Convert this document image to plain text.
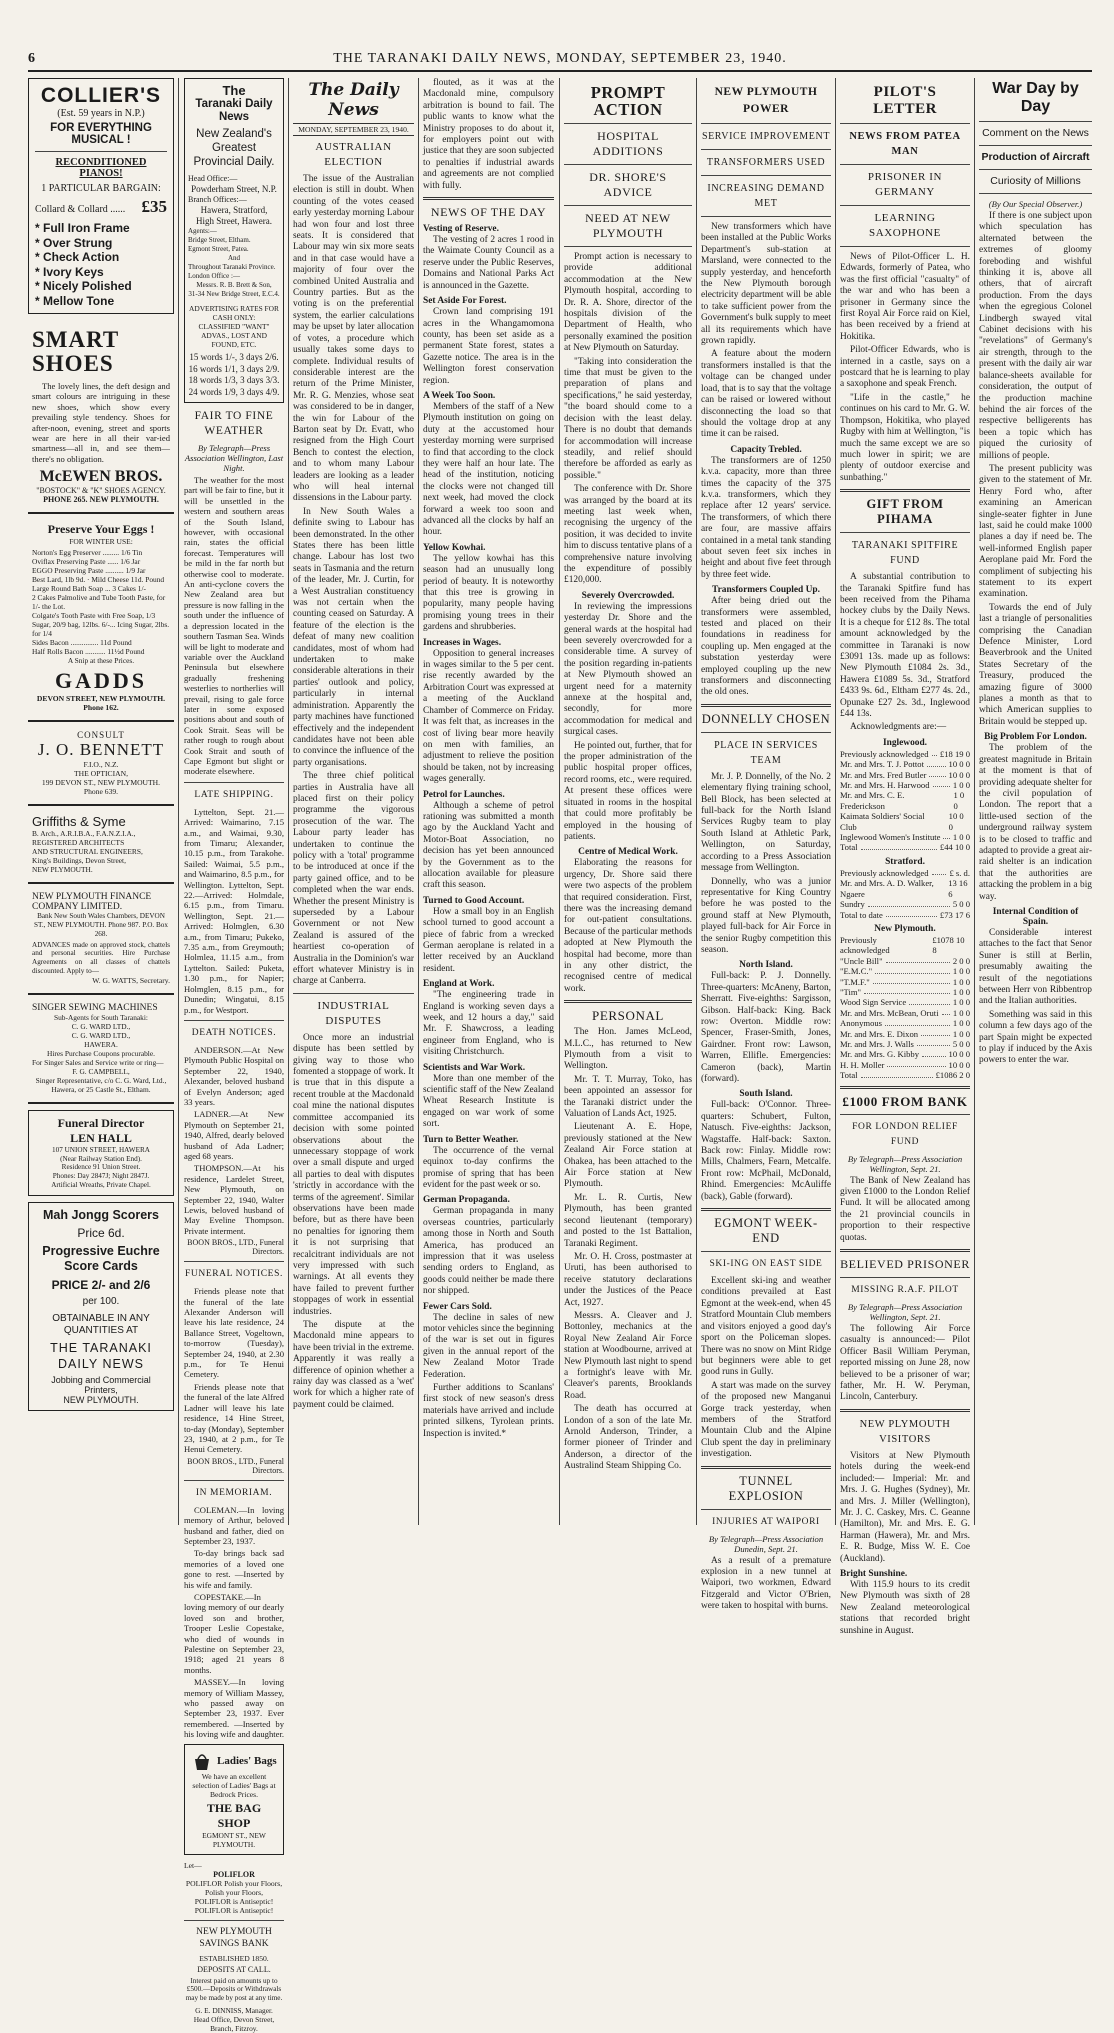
6	THE TARANAKI DAILY NEWS, MONDAY, SEPTEMBER 23, 1940.
COLLIER'S
(Est. 59 years in N.P.)
FOR EVERYTHING
MUSICAL !
RECONDITIONED PIANOS!
1 PARTICULAR BARGAIN:
Collard & Collard ...... £35
* Full Iron Frame
* Over Strung
* Check Action
* Ivory Keys
* Nicely Polished
* Mellow Tone
SMART SHOES

The lovely lines, the deft design and smart colours are intriguing in these new shoes, which show every prevailing style tendency. Shoes for after-noon, evening, street and sports wear are here in all their var-ied smartness—all in, and see them—there's no obligation.

McEWEN BROS.
"BOSTOCK" & "K" SHOES AGENCY.
PHONE 265. NEW PLYMOUTH.
Preserve Your Eggs !
FOR WINTER USE:
Norton's Egg Preserver ......... 1/6 Tin
Oviflax Preserving Paste ...... 1/6 Jar
EGGO Preserving Paste .......... 1/9 Jar
Best Lard, 1lb 9d. · Mild Cheese 11d. Pound
Large Round Bath Soap ... 3 Cakes 1/-
2 Cakes Palmolive and Tube Tooth Paste, for 1/- the Lot.
Colgate's Tooth Paste with Free Soap, 1/3
Sugar, 20/9 bag, 12lbs. 6/-... Icing Sugar, 2lbs. for 1/4
Sides Bacon ............... 11d Pound
Half Rolls Bacon ........... 11½d Pound
A Snip at these Prices.
GADDS
DEVON STREET, NEW PLYMOUTH. Phone 162.
CONSULT
J. O. BENNETT
F.I.O., N.Z.
THE OPTICIAN,
199 DEVON ST., NEW PLYMOUTH.
Phone 639.
Griffiths & Syme
B. Arch., A.R.I.B.A., F.A.N.Z.I.A.,
REGISTERED ARCHITECTS
AND STRUCTURAL ENGINEERS,
King's Buildings, Devon Street,
NEW PLYMOUTH.
NEW PLYMOUTH FINANCE COMPANY LIMITED.
Bank New South Wales Chambers, DEVON ST., NEW PLYMOUTH. Phone 987. P.O. Box 268.
ADVANCES made on approved stock, chattels and personal securities. Hire Purchase Agreements on all classes of chattels discounted. Apply to—
W. G. WATTS, Secretary.
SINGER SEWING MACHINES
Sub-Agents for South Taranaki:
C. G. WARD LTD.,
C. G. WARD LTD.,
HAWERA.
Hires Purchase Coupons procurable.
For Singer Sales and Service write or ring—
F. G. CAMPBELL,
Singer Representative, c/o C. G. Ward, Ltd., Hawera, or 25 Castle St., Eltham.
Funeral Director
LEN HALL
107 UNION STREET, HAWERA
(Near Railway Station End).
Residence 91 Union Street.
Phones: Day 2847J; Night 2847J.
Artificial Wreaths, Private Chapel.
Mah Jongg Scorers
Price 6d.
Progressive Euchre Score Cards
PRICE 2/- and 2/6
per 100.
OBTAINABLE IN ANY QUANTITIES AT
THE TARANAKI DAILY NEWS
Jobbing and Commercial Printers,
NEW PLYMOUTH.
The
Taranaki Daily News
New Zealand's Greatest Provincial Daily.
Head Office:—
Powderham Street, N.P.
Branch Offices:—
Hawera, Stratford,
High Street, Hawera.
Agents:—
Bridge Street, Eltham.
Egmont Street, Patea.
And
Throughout Taranaki Province.
London Office :—
Messrs. R. B. Brett & Son,
31-34 New Bridge Street, E.C.4.
ADVERTISING RATES FOR CASH ONLY:
CLASSIFIED "WANT" ADVAS., LOST AND FOUND, ETC.
15 words 1/-, 3 days 2/6.
16 words 1/1, 3 days 2/9.
18 words 1/3, 3 days 3/3.
24 words 1/9, 3 days 4/9.
FAIR TO FINE WEATHER
By Telegraph—Press Association Wellington, Last Night.

The weather for the most part will be fair to fine, but it will be unsettled in the western and southern areas of the South Island, however, with occasional rain, states the official forecast. Temperatures will be mild in the far north but otherwise cool to moderate. An anti-cyclone covers the New Zealand area but pressure is now falling in the south under the influence of a depression located in the southern Tasman Sea. Winds will be light to moderate and variable over the Auckland Peninsula but elsewhere gradually freshening westerlies to northerlies will prevail, rising to gale force later in some exposed positions about and south of Cook Strait. Seas will be rather rough to rough about Cook Strait and south of Cape Egmont but slight or moderate elsewhere.

LATE SHIPPING.

Lyttelton, Sept. 21.—Arrived: Waimarino, 7.15 a.m., and Waimai, 9.30, from Timaru; Alexander, 10.15 p.m., from Tarakohe. Sailed: Waimai, 5.5 p.m., and Waimarino, 8.5 p.m., for Wellington. Lyttelton, Sept. 22.—Arrived: Holmdale, 6.15 p.m., from Timaru. Wellington, Sept. 21.—Arrived: Holmglen, 6.30 a.m., from Timaru; Pukeko, 7.35 a.m., from Greymouth; Holmlea, 11.15 a.m., from Lyttelton. Sailed: Puketa, 1.30 p.m., for Napier; Holmglen, 8.15 p.m., for Dunedin; Wingatui, 8.15 p.m., for Westport.

DEATH NOTICES.

ANDERSON.—At New Plymouth Public Hospital on September 22, 1940, Alexander, beloved husband of Evelyn Anderson; aged 33 years.

LADNER.—At New Plymouth on September 21, 1940, Alfred, dearly beloved husband of Ada Ladner; aged 68 years.

THOMPSON.—At his residence, Lardelet Street, New Plymouth, on September 22, 1940, Walter Lewis, beloved husband of May Eveline Thompson. Private interment.

BOON BROS., LTD., Funeral Directors.
FUNERAL NOTICES.

Friends please note that the funeral of the late Alexander Anderson will leave his late residence, 24 Ballance Street, Vogeltown, to-morrow (Tuesday), September 24, 1940, at 2.30 p.m., for Te Henui Cemetery.

Friends please note that the funeral of the late Alfred Ladner will leave his late residence, 14 Hine Street, to-day (Monday), September 23, 1940, at 2 p.m., for Te Henui Cemetery.

BOON BROS., LTD., Funeral Directors.
IN MEMORIAM.

COLEMAN.—In loving memory of Arthur, beloved husband and father, died on September 23, 1937.

To-day brings back sad memories of a loved one gone to rest. —Inserted by his wife and family.

COPESTAKE.—In loving memory of our dearly loved son and brother, Trooper Leslie Copestake, who died of wounds in Palestine on September 23, 1918; aged 21 years 8 months.

MASSEY.—In loving memory of William Massey, who passed away on September 23, 1937. Ever remembered. —Inserted by his loving wife and daughter.

Ladies' Bags
We have an excellent selection of Ladies' Bags at Bedrock Prices.
THE BAG SHOP
EGMONT ST., NEW PLYMOUTH.
Let—
POLIFLOR
POLIFLOR Polish your Floors,
Polish your Floors,
POLIFLOR is Antiseptic!
POLIFLOR is Antiseptic!
NEW PLYMOUTH SAVINGS BANK
ESTABLISHED 1850.
DEPOSITS AT CALL.
Interest paid on amounts up to £500.—Deposits or Withdrawals may be made by post at any time.
G. E. DINNISS, Manager.
Head Office, Devon Street, Branch, Fitzroy.
The Daily News
MONDAY, SEPTEMBER 23, 1940.
AUSTRALIAN ELECTION

The issue of the Australian election is still in doubt. When counting of the votes ceased early yesterday morning Labour had won four and lost three seats. It is considered that Labour may win six more seats and in that case would have a majority of four over the combined United Australia and Country parties. But as the voting is on the preferential system, the earlier calculations may be upset by later allocation of votes, a procedure which usually takes some days to complete. Individual results of considerable interest are the return of the Prime Minister, Mr. R. G. Menzies, whose seat was considered to be in danger, the win for Labour of the Barton seat by Dr. Evatt, who resigned from the High Court Bench to contest the election, and to whom many Labour leaders are looking as a leader who will heal internal dissensions in the Labour party.

In New South Wales a definite swing to Labour has been demonstrated. In the other States there has been little change. Labour has lost two seats in Tasmania and the return of the leader, Mr. J. Curtin, for a West Australian constituency was not certain when the counting ceased on Saturday. A feature of the election is the defeat of many new coalition candidates, most of whom had undertaken to make considerable alterations in their parties' outlook and policy, particularly in internal administration. Apparently the party machines have functioned effectively and the independent candidates have not been able to convince the influence of the party organisations.

The three chief political parties in Australia have all placed first on their policy programme the vigorous prosecution of the war. The Labour party leader has undertaken to continue the policy with a 'total' programme to be introduced at once if the party gained office, and to be completed when the war ends. Whether the present Ministry is superseded by a Labour Government or not New Zealand is assured of the heartiest co-operation of Australia in the Dominion's war effort whatever Ministry is in charge at Canberra.

INDUSTRIAL DISPUTES

Once more an industrial dispute has been settled by giving way to those who fomented a stoppage of work. It is true that in this dispute a recent trouble at the Macdonald coal mine the national disputes committee accompanied its decision with some pointed observations about the unnecessary stoppage of work over a small dispute and urged all parties to deal with disputes 'strictly in accordance with the terms of the agreement'. Similar observations have been made before, but as there have been no penalties for ignoring them it is not surprising that recalcitrant individuals are not very impressed with such warnings. At all events they have failed to prevent further stoppages of work in essential industries.

The dispute at the Macdonald mine appears to have been trivial in the extreme. Apparently it was really a difference of opinion whether a rainy day was classed as a 'wet' work for which a higher rate of payment could be claimed.

flouted, as it was at the Macdonald mine, compulsory arbitration is bound to fail. The public wants to know what the Ministry proposes to do about it, for employers point out with justice that they are soon subjected to penalties if industrial awards and agreements are not complied with fully.

NEWS OF THE DAY
Vesting of Reserve.

The vesting of 2 acres 1 rood in the Waimate County Council as a reserve under the Public Reserves, Domains and National Parks Act is announced in the Gazette.

Set Aside For Forest.

Crown land comprising 191 acres in the Whangamomona county, has been set aside as a permanent State forest, states a Gazette notice. The area is in the Wellington forest conservation region.

A Week Too Soon.

Members of the staff of a New Plymouth institution on going on duty at the accustomed hour yesterday morning were surprised to find that according to the clock they were half an hour late. The head of the institution, noticing the clocks were not changed till next week, had moved the clock forward a week too soon and advanced all the clocks by half an hour.

Yellow Kowhai.

The yellow kowhai has this season had an unusually long period of beauty. It is noteworthy that this tree is growing in popularity, many people having promising young trees in their gardens and shrubberies.

Increases in Wages.

Opposition to general increases in wages similar to the 5 per cent. rise recently awarded by the Arbitration Court was expressed at a meeting of the Auckland Chamber of Commerce on Friday. It was felt that, as increases in the cost of living bear more heavily on men with families, an adjustment to relieve the position should be taken, not by increasing wages generally.

Petrol for Launches.

Although a scheme of petrol rationing was submitted a month ago by the Auckland Yacht and Motor-Boat Association, no decision has yet been announced by the Government as to the allocation available for pleasure craft this season.

Turned to Good Account.

How a small boy in an English school turned to good account a piece of fabric from a wrecked German aeroplane is related in a letter received by an Auckland resident.

England at Work.

"The engineering trade in England is working seven days a week, and 12 hours a day," said Mr. F. Shawcross, a leading engineer from England, who is visiting Christchurch.

Scientists and War Work.

More than one member of the scientific staff of the New Zealand Wheat Research Institute is engaged on war work of some sort.

Turn to Better Weather.

The occurrence of the vernal equinox to-day confirms the promise of spring that has been evident for the past week or so.

German Propaganda.

German propaganda in many overseas countries, particularly among those in North and South America, has produced an impression that it was useless sending orders to England, as goods could neither be made there nor shipped.

Fewer Cars Sold.

The decline in sales of new motor vehicles since the beginning of the war is set out in figures given in the annual report of the New Zealand Motor Trade Federation.

Further additions to Scanlans' first stock of new season's dress materials have arrived and include printed silkens, Tyrolean prints. Inspection is invited.*

PROMPT ACTION
HOSPITAL ADDITIONS
DR. SHORE'S ADVICE
NEED AT NEW PLYMOUTH

Prompt action is necessary to provide additional accommodation at the New Plymouth hospital, according to Dr. R. A. Shore, director of the hospitals division of the Department of Health, who personally examined the position at New Plymouth on Saturday.

"Taking into consideration the time that must be given to the preparation of plans and specifications," he said yesterday, "the board should come to a decision with the least delay. There is no doubt that demands for accommodation will increase steadily, and relief should therefore be afforded as early as possible."

The conference with Dr. Shore was arranged by the board at its meeting last week when, recognising the urgency of the position, it was decided to invite him to discuss tentative plans of a comprehensive nature involving the expenditure of possibly £120,000.

Severely Overcrowded.

In reviewing the impressions yesterday Dr. Shore and the general wards at the hospital had been severely overcrowded for a considerable time. A survey of the position regarding in-patients at New Plymouth showed an urgent need for a maternity annexe at the hospital and, secondly, for more accommodation for medical and surgical cases.

He pointed out, further, that for the proper administration of the public hospital proper offices, record rooms, etc., were required. At present these offices were situated in rooms in the hospital that could more profitably be employed in the housing of patients.

Centre of Medical Work.

Elaborating the reasons for urgency, Dr. Shore said there were two aspects of the problem that required consideration. First, there was the increasing demand for out-patient consultations. Because of the particular methods adopted at New Plymouth the hospital had become, more than in any other district, the recognised centre of medical work.

PERSONAL

The Hon. James McLeod, M.L.C., has returned to New Plymouth from a visit to Wellington.

Mr. T. T. Murray, Toko, has been appointed an assessor for the Taranaki district under the Valuation of Lands Act, 1925.

Lieutenant A. E. Hope, previously stationed at the New Zealand Air Force station at Ohakea, has been attached to the Air Force station at New Plymouth.

Mr. L. R. Curtis, New Plymouth, has been granted second lieutenant (temporary) and posted to the 1st Battalion, Taranaki Regiment.

Mr. O. H. Cross, postmaster at Uruti, has been authorised to receive statutory declarations under the Justices of the Peace Act, 1927.

Messrs. A. Cleaver and J. Bottonley, mechanics at the Royal New Zealand Air Force station at Woodbourne, arrived at New Plymouth last night to spend a fortnight's leave with Mr. Cleaver's parents, Brooklands Road.

The death has occurred at London of a son of the late Mr. Arnold Anderson, Trinder, a former pioneer of Trinder and Anderson, a director of the Australind Steam Shipping Co.

NEW PLYMOUTH POWER
SERVICE IMPROVEMENT
TRANSFORMERS USED
INCREASING DEMAND MET

New transformers which have been installed at the Public Works Department's sub-station at Marsland, were connected to the supply yesterday, and henceforth the New Plymouth borough electricity department will be able to take sufficient power from the Government's bulk supply to meet all its requirements which have grown rapidly.

A feature about the modern transformers installed is that the voltage can be changed under load, that is to say that the voltage can be raised or lowered without disconnecting the load so that should the voltage drop at any time it can be raised.

Capacity Trebled.

The transformers are of 1250 k.v.a. capacity, more than three times the capacity of the 375 k.v.a. transformers, which they replace after 12 years' service. The transformers, of which there are four, are massive affairs contained in a metal tank standing about seven feet six inches in height and about five feet through by three feet wide.

Transformers Coupled Up.

After being dried out the transformers were assembled, tested and placed on their foundations in readiness for coupling up. Men engaged at the substation yesterday were employed coupling up the new transformers and disconnecting the old ones.

DONNELLY CHOSEN
PLACE IN SERVICES TEAM

Mr. J. P. Donnelly, of the No. 2 elementary flying training school, Bell Block, has been selected at full-back for the North Island Services Rugby team to play South Island at Athletic Park, Wellington, on Saturday, according to a Press Association message from Wellington.

Donnelly, who was a junior representative for King Country before he was posted to the ground staff at New Plymouth, played full-back for Air Force in the senior Rugby competition this season.

North Island.

Full-back: P. J. Donnelly. Three-quarters: McAneny, Barton, Sherratt. Five-eighths: Sargisson, Gibson. Half-back: King. Back row: Overton. Middle row: Spencer, Fraser-Smith, Jones, Gairdner. Front row: Lawson, Warren, Ellifle. Emergencies: Cameron (back), Martin (forward).

South Island.

Full-back: O'Connor. Three-quarters: Schubert, Fulton, Natusch. Five-eighths: Jackson, Wagstaffe. Half-back: Saxton. Back row: Finlay. Middle row: Mills, Chalmers, Fearn, Metcalfe. Front row: McPhail, McDonald, Rhind. Emergencies: McAuliffe (back), Gable (forward).

EGMONT WEEK-END
SKI-ING ON EAST SIDE

Excellent ski-ing and weather conditions prevailed at East Egmont at the week-end, when 45 Stratford Mountain Club members and visitors enjoyed a good day's sport on the Policeman slopes. There was no snow on Mint Ridge but beginners were able to get good runs in Gully.

A start was made on the survey of the proposed new Manganui Gorge track yesterday, when members of the Stratford Mountain Club and the Alpine Club spent the day in preliminary investigation.

TUNNEL EXPLOSION
INJURIES AT WAIPORI
By Telegraph—Press Association Dunedin, Sept. 21.

As a result of a premature explosion in a new tunnel at Waipori, two workmen, Edward Fitzgerald and Victor O'Brien, were taken to hospital with burns.

PILOT'S LETTER
NEWS FROM PATEA MAN
PRISONER IN GERMANY
LEARNING SAXOPHONE

News of Pilot-Officer L. H. Edwards, formerly of Patea, who was the first official "casualty" of the war and who has been a prisoner in Germany since the first Royal Air Force raid on Kiel, has been received by a friend at Hokitika.

Pilot-Officer Edwards, who is interned in a castle, says on a postcard that he is learning to play a saxophone and speak French.

"Life in the castle," he continues on his card to Mr. G. W. Thompson, Hokitika, who played Rugby with him at Wellington, "is much the same except we are so much lower in spirit; we are plenty of outdoor exercise and sunbathing."

GIFT FROM PIHAMA
TARANAKI SPITFIRE FUND

A substantial contribution to the Taranaki Spitfire fund has been received from the Pihama hockey clubs by the Daily News. It is a cheque for £12 8s. The total amount acknowledged by the committee in Taranaki is now £3091 13s. made up as follows: New Plymouth £1084 2s. 3d., Hawera £1089 5s. 3d., Stratford £433 9s. 6d., Eltham £277 4s. 2d., Opunake £27 2s. 3d., Inglewood £44 13s.

Acknowledgments are:—

Inglewood.
Previously acknowledged £18 19 0
Mr. and Mrs. T. J. Pottot	10 0 0
Mr. and Mrs. Fred Butler	10 0 0
Mr. and Mrs. H. Harwood	1 0 0
Mr. and Mrs. C. E. Frederickson
1 0 0
Kaimata Soldiers' Social Club
10 0 0
Inglewood Women's Institute 1 0 0
Total	£44 10 0
Stratford.
Previously acknowledged £ s. d.
Mr. and Mrs. A. D. Walker, Ngaere
13 16 6
Sundry	5 0 0
Total to date	£73 17 6
New Plymouth.
Previously acknowledged
£1078 10 8
"Uncle Bill"	2 0 0
"E.M.C."	1 0 0
"T.M.F."	1 0 0
"Tim"	1 0 0
Wood Sign Service	1 0 0
Mr. and Mrs. McBean, Oruti 1 0 0
Anonymous	1 0 0
Mr. and Mrs. E. Dixon	1 0 0
Mr. and Mrs. J. Walls	5 0 0
Mr. and Mrs. G. Kibby	10 0 0
H. H. Moller	10 0 0
Total	£1086 2 0
£1000 FROM BANK
FOR LONDON RELIEF FUND
By Telegraph—Press Association Wellington, Sept. 21.

The Bank of New Zealand has given £1000 to the London Relief Fund. It will be allocated among the 21 provincial councils in proportion to their respective quotas.

BELIEVED PRISONER
MISSING R.A.F. PILOT
By Telegraph—Press Association Wellington, Sept. 21.

The following Air Force casualty is announced:— Pilot Officer Basil William Peryman, reported missing on June 28, now believed to be a prisoner of war; father, Mr. H. W. Peryman, Lincoln, Canterbury.

NEW PLYMOUTH VISITORS

Visitors at New Plymouth hotels during the week-end included:— Imperial: Mr. and Mrs. J. G. Hughes (Sydney), Mr. and Mrs. J. Miller (Wellington), Mr. J. C. Caskey, Mrs. C. Geanne (Hamilton), Mr. and Mrs. E. G. Harman (Hawera), Mr. and Mrs. E. R. Budge, Miss W. E. Coe (Auckland).

Bright Sunshine.

With 115.9 hours to its credit New Plymouth was sixth of 28 New Zealand meteorological stations that recorded bright sunshine in August.

War Day by Day
Comment on the News
Production of Aircraft
Curiosity of Millions
(By Our Special Observer.)

If there is one subject upon which speculation has alternated between the extremes of gloomy foreboding and wishful thinking it is, above all others, that of aircraft production. From the days when the egregious Colonel Lindbergh swayed vital Cabinet decisions with his "revelations" of Germany's air strength, through to the present with the daily air war balance-sheets available for consideration, the output of the production machine behind the air forces of the respective belligerents has been a topic which has piqued the curiosity of millions of people.

The present publicity was given to the statement of Mr. Henry Ford who, after examining an American single-seater fighter in June last, said he could make 1000 planes a day if need be. The well-informed English paper Aeroplane paid Mr. Ford the compliment of subjecting his statement to its expert examination.

Towards the end of July last a triangle of personalities comprising the Canadian Defence Minister, Lord Beaverbrook and the United States Secretary of the Treasury, produced the amazing figure of 3000 planes a month as that to which American supplies to Britain would be stepped up.

Big Problem For London.

The problem of the greatest magnitude in Britain at the moment is that of providing adequate shelter for the civil population of London. The report that a little-used section of the underground railway system is to be closed to traffic and adapted to provide a great air-raid shelter is an indication that the authorities are attacking the problem in a big way.

Internal Condition of Spain.

Considerable interest attaches to the fact that Senor Suner is still at Berlin, presumably awaiting the result of the negotiations between Herr von Ribbentrop and the Italian authorities.

Something was said in this column a few days ago of the part Spain might be expected to play if induced by the Axis powers to enter the war.
